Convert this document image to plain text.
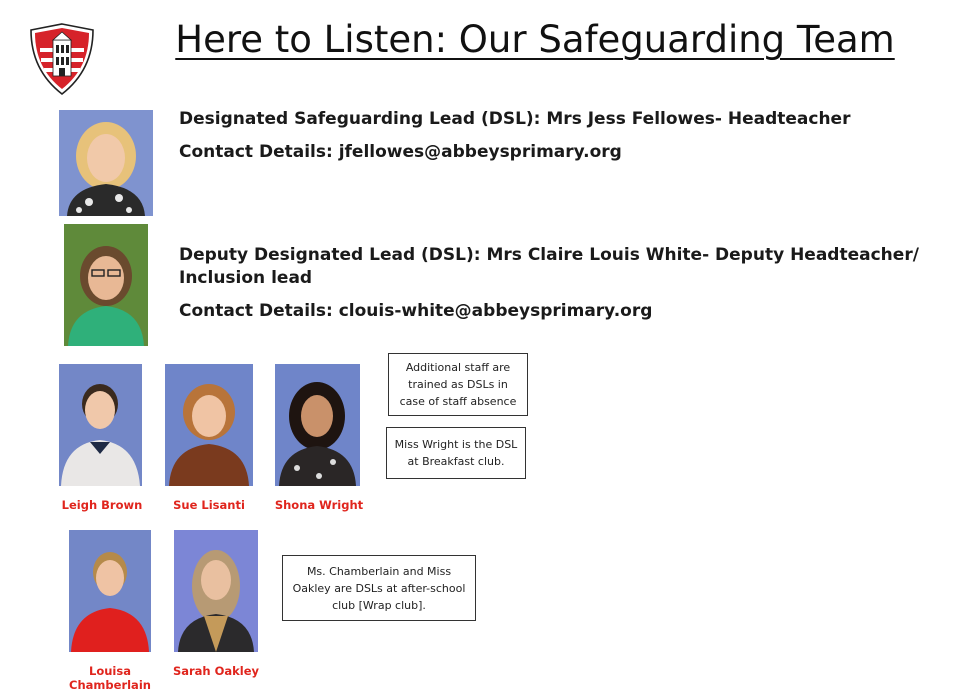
Here to Listen: Our Safeguarding Team
Designated Safeguarding Lead (DSL): Mrs Jess Fellowes- Headteacher
Contact Details: jfellowes@abbeysprimary.org
Deputy Designated Lead (DSL): Mrs Claire Louis White- Deputy Headteacher/ Inclusion lead
Contact Details: clouis-white@abbeysprimary.org
Leigh Brown	Sue Lisanti	Shona Wright
Additional staff are trained as DSLs in case of staff absence
Miss Wright is the DSL at Breakfast club.
Louisa Chamberlain
Sarah Oakley
Ms. Chamberlain and Miss Oakley are DSLs at after-school club [Wrap club].
